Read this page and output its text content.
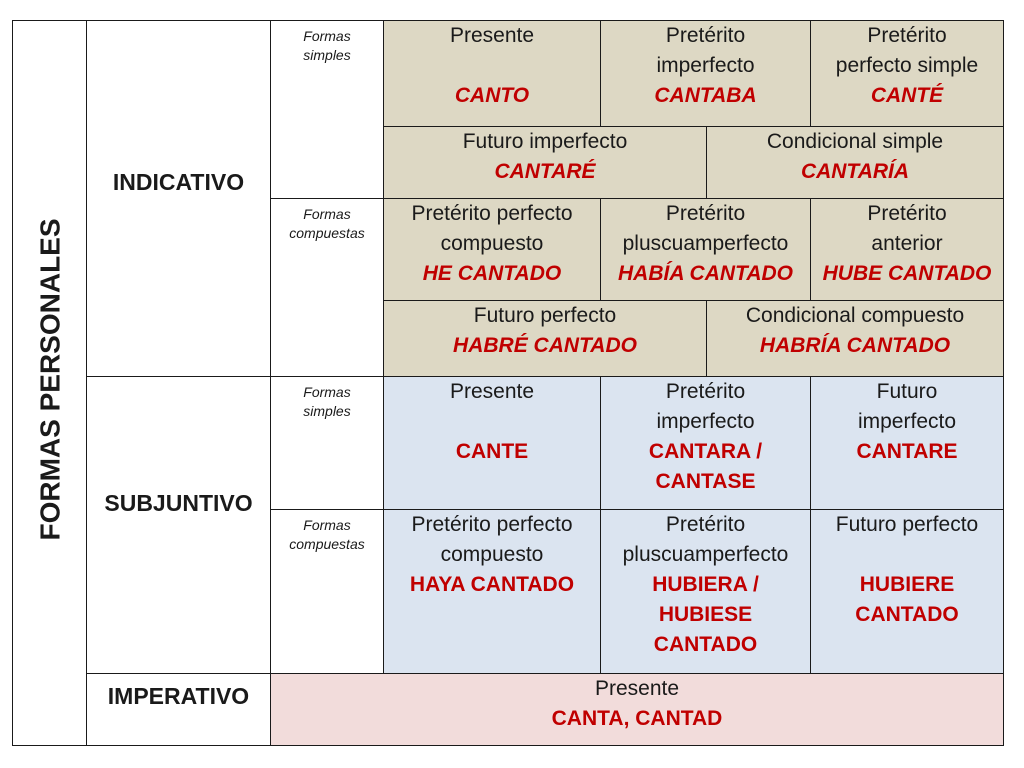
FORMAS PERSONALES
INDICATIVO
SUBJUNTIVO
IMPERATIVO
Formas
simples
Formas
compuestas
Formas
simples
Formas
compuestas
Presente
CANTO
Pretérito
imperfecto
CANTABA
Pretérito
perfecto simple
CANTÉ
Futuro imperfecto
CANTARÉ
Condicional simple
CANTARÍA
Pretérito perfecto
compuesto
HE CANTADO
Pretérito
pluscuamperfecto
HABÍA CANTADO
Pretérito
anterior
HUBE CANTADO
Futuro perfecto
HABRÉ CANTADO
Condicional compuesto
HABRÍA CANTADO
Presente
CANTE
Pretérito
imperfecto
CANTARA /
CANTASE
Futuro
imperfecto
CANTARE
Pretérito perfecto
compuesto
HAYA CANTADO
Pretérito
pluscuamperfecto
HUBIERA /
HUBIESE
CANTADO
Futuro perfecto
HUBIERE
CANTADO
Presente
CANTA, CANTAD
